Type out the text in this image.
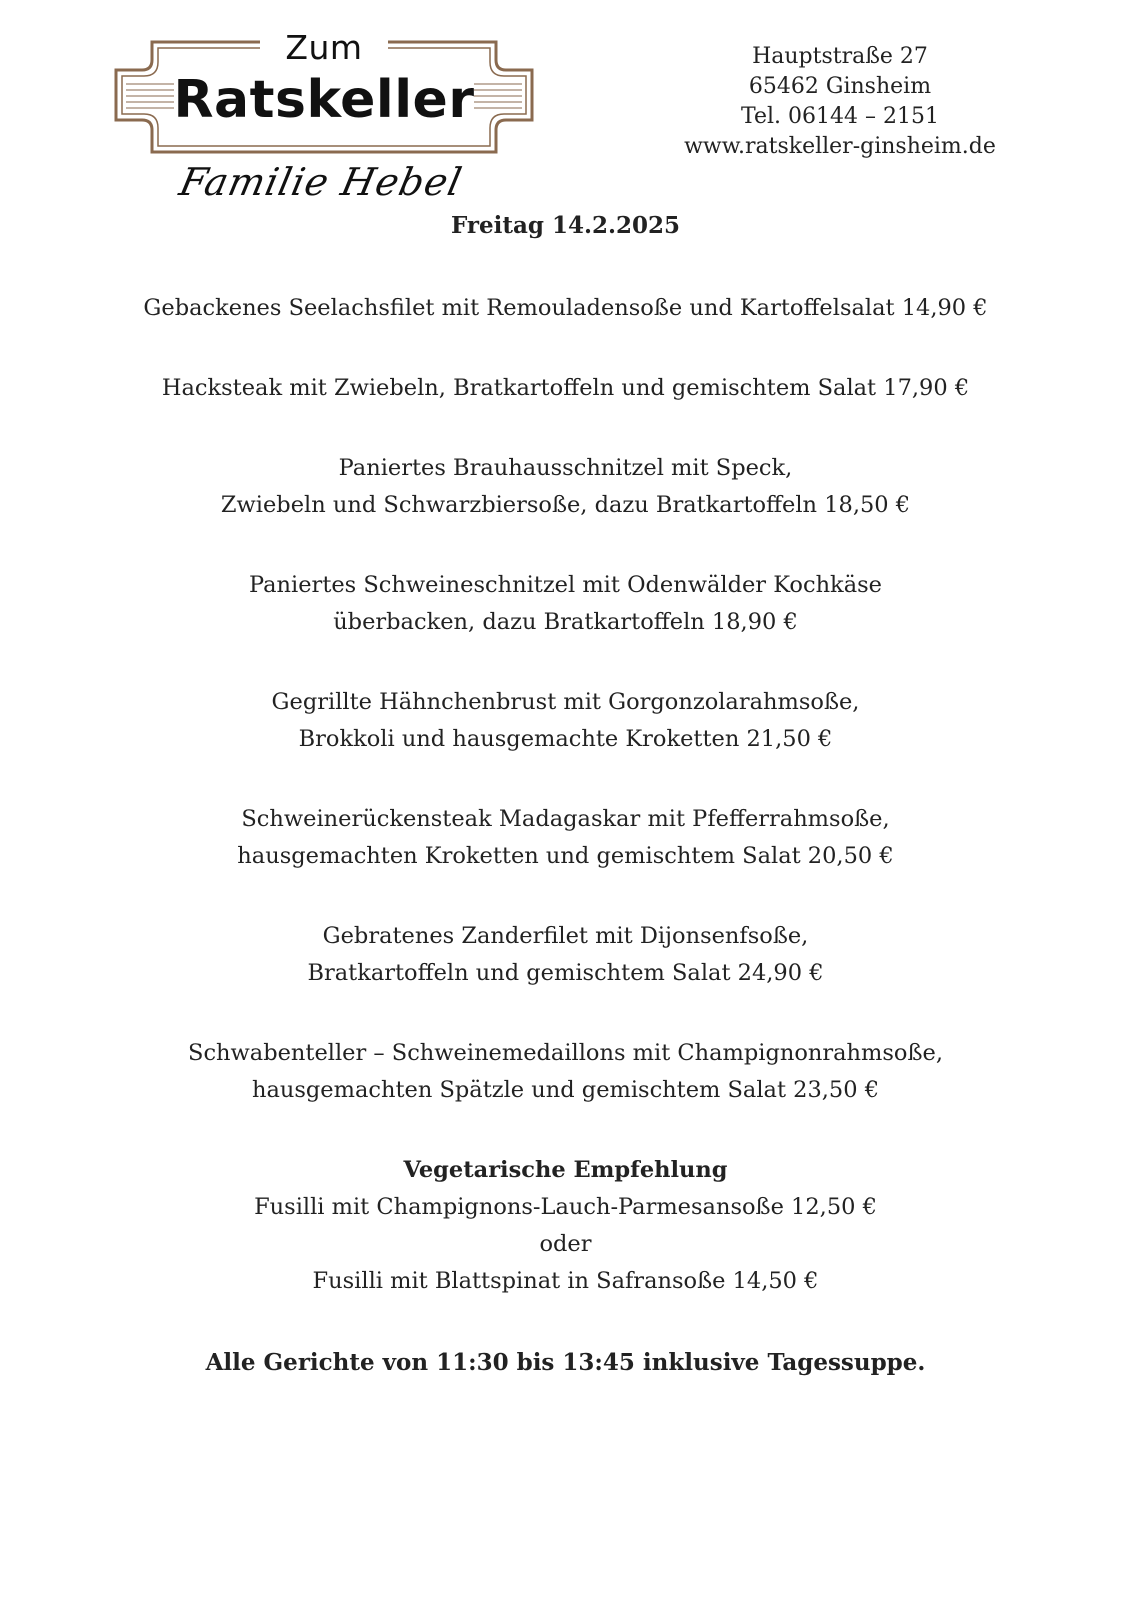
Zum
Ratskeller
Familie Hebel
Hauptstraße 27
65462 Ginsheim
Tel. 06144 – 2151
www.ratskeller-ginsheim.de
Freitag 14.2.2025
Gebackenes Seelachsfilet mit Remouladensoße und Kartoffelsalat 14,90 €
Hacksteak mit Zwiebeln, Bratkartoffeln und gemischtem Salat 17,90 €
Paniertes Brauhausschnitzel mit Speck,
Zwiebeln und Schwarzbiersoße, dazu Bratkartoffeln 18,50 €
Paniertes Schweineschnitzel mit Odenwälder Kochkäse
überbacken, dazu Bratkartoffeln 18,90 €
Gegrillte Hähnchenbrust mit Gorgonzolarahmsoße,
Brokkoli und hausgemachte Kroketten 21,50 €
Schweinerückensteak Madagaskar mit Pfefferrahmsoße,
hausgemachten Kroketten und gemischtem Salat 20,50 €
Gebratenes Zanderfilet mit Dijonsenfsoße,
Bratkartoffeln und gemischtem Salat 24,90 €
Schwabenteller – Schweinemedaillons mit Champignonrahmsoße,
hausgemachten Spätzle und gemischtem Salat 23,50 €
Vegetarische Empfehlung
Fusilli mit Champignons-Lauch-Parmesansoße 12,50 €
oder
Fusilli mit Blattspinat in Safransoße 14,50 €
Alle Gerichte von 11:30 bis 13:45 inklusive Tagessuppe.
